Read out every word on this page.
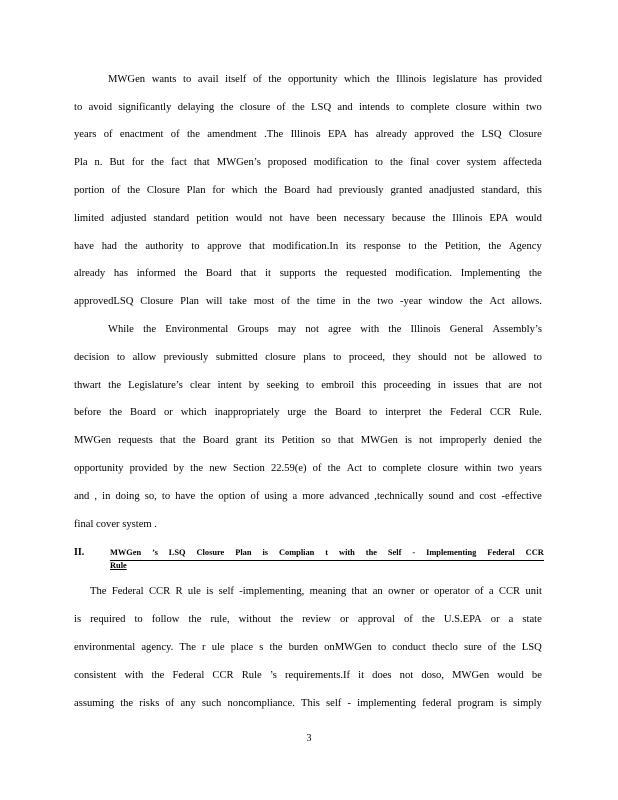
MWGen wants to avail itself of the opportunity which the Illinois legislature has provided
to avoid significantly delaying the closure of the LSQ and intends to complete closure within two
years of enactment of the amendment .The Illinois EPA has already approved the LSQ Closure
Pla n. But for the fact that MWGen’s proposed modification to the final cover system affecteda
portion of the Closure Plan for which the Board had previously granted anadjusted standard, this
limited adjusted standard petition would not have been necessary because the Illinois EPA would
have had the authority to approve that modification.In its response to the Petition, the Agency
already has informed the Board that it supports the requested modification. Implementing the
approvedLSQ Closure Plan will take most of the time in the two -year window the Act allows.
While the Environmental Groups may not agree with the Illinois General Assembly’s
decision to allow previously submitted closure plans to proceed, they should not be allowed to
thwart the Legislature’s clear intent by seeking to embroil this proceeding in issues that are not
before the Board or which inappropriately urge the Board to interpret the Federal CCR Rule.
MWGen requests that the Board grant its Petition so that MWGen is not improperly denied the
opportunity provided by the new Section 22.59(e) of the Act to complete closure within two years
and , in doing so, to have the option of using a more advanced ,technically sound and cost -effective
final cover system .
II.	MWGen ’s LSQ Closure Plan is Complian t with the Self - Implementing Federal CCR
Rule
The Federal CCR R ule is self -implementing, meaning that an owner or operator of a CCR unit
is required to follow the rule, without the review or approval of the U.S.EPA or a state
environmental agency. The r ule place s the burden onMWGen to conduct theclo sure of the LSQ
consistent with the Federal CCR Rule ’s requirements.If it does not doso, MWGen would be
assuming the risks of any such noncompliance. This self - implementing federal program is simply
3
